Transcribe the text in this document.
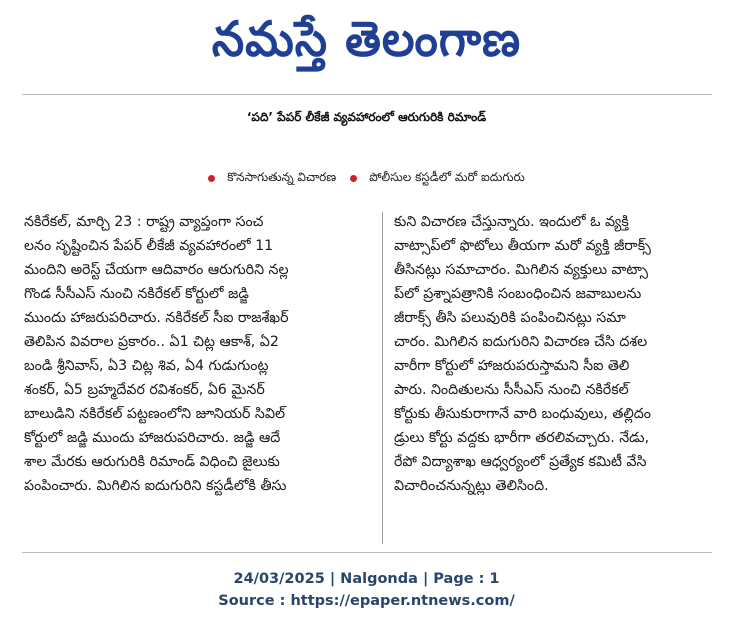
నమస్తే తెలంగాణ
‘పది’ పేపర్ లీకేజీ వ్యవహారంలో ఆరుగురికి రిమాండ్
కొనసాగుతున్న విచారణ	పోలీసుల కస్టడీలో మరో ఐదుగురు
నకిరేకల్, మార్చి 23 : రాష్ట్ర వ్యాప్తంగా సంచ
లనం సృష్టించిన పేపర్ లీకేజీ వ్యవహారంలో 11
మందిని అరెస్ట్ చేయగా ఆదివారం ఆరుగురిని నల్ల
గొండ సీసీఎస్ నుంచి నకిరేకల్ కోర్టులో జడ్జి
ముందు హాజరుపరిచారు. నకిరేకల్ సీఐ రాజశేఖర్
తెలిపిన వివరాల ప్రకారం.. ఏ1 చిట్ల ఆకాశ్, ఏ2
బండి శ్రీనివాస్, ఏ3 చిట్ల శివ, ఏ4 గుడుగుంట్ల
శంకర్, ఏ5 బ్రహ్మదేవర రవిశంకర్, ఏ6 మైనర్
బాలుడిని నకిరేకల్ పట్టణంలోని జూనియర్ సివిల్
కోర్టులో జడ్జి ముందు హాజరుపరిచారు. జడ్జి ఆదే
శాల మేరకు ఆరుగురికి రిమాండ్ విధించి జైలుకు
పంపించారు. మిగిలిన ఐదుగురిని కస్టడీలోకి తీసు
కుని విచారణ చేస్తున్నారు. ఇందులో ఓ వ్యక్తి
వాట్సాప్‌లో ఫొటోలు తీయగా మరో వ్యక్తి జీరాక్స్
తీసినట్లు సమాచారం. మిగిలిన వ్యక్తులు వాట్సా
ప్‌లో ప్రశ్నాపత్రానికి సంబంధించిన జవాబులను
జీరాక్స్ తీసి పలువురికి పంపించినట్లు సమా
చారం. మిగిలిన ఐదుగురిని విచారణ చేసి దశల
వారీగా కోర్టులో హాజరుపరుస్తామని సీఐ తెలి
పారు. నిందితులను సీసీఎస్ నుంచి నకిరేకల్
కోర్టుకు తీసుకురాగానే వారి బంధువులు, తల్లిదం
డ్రులు కోర్టు వద్దకు భారీగా తరలివచ్చారు. నేడు,
రేపో విద్యాశాఖ ఆధ్వర్యంలో ప్రత్యేక కమిటీ వేసి
విచారించనున్నట్లు తెలిసింది.
24/03/2025 | Nalgonda | Page : 1
Source : https://epaper.ntnews.com/
